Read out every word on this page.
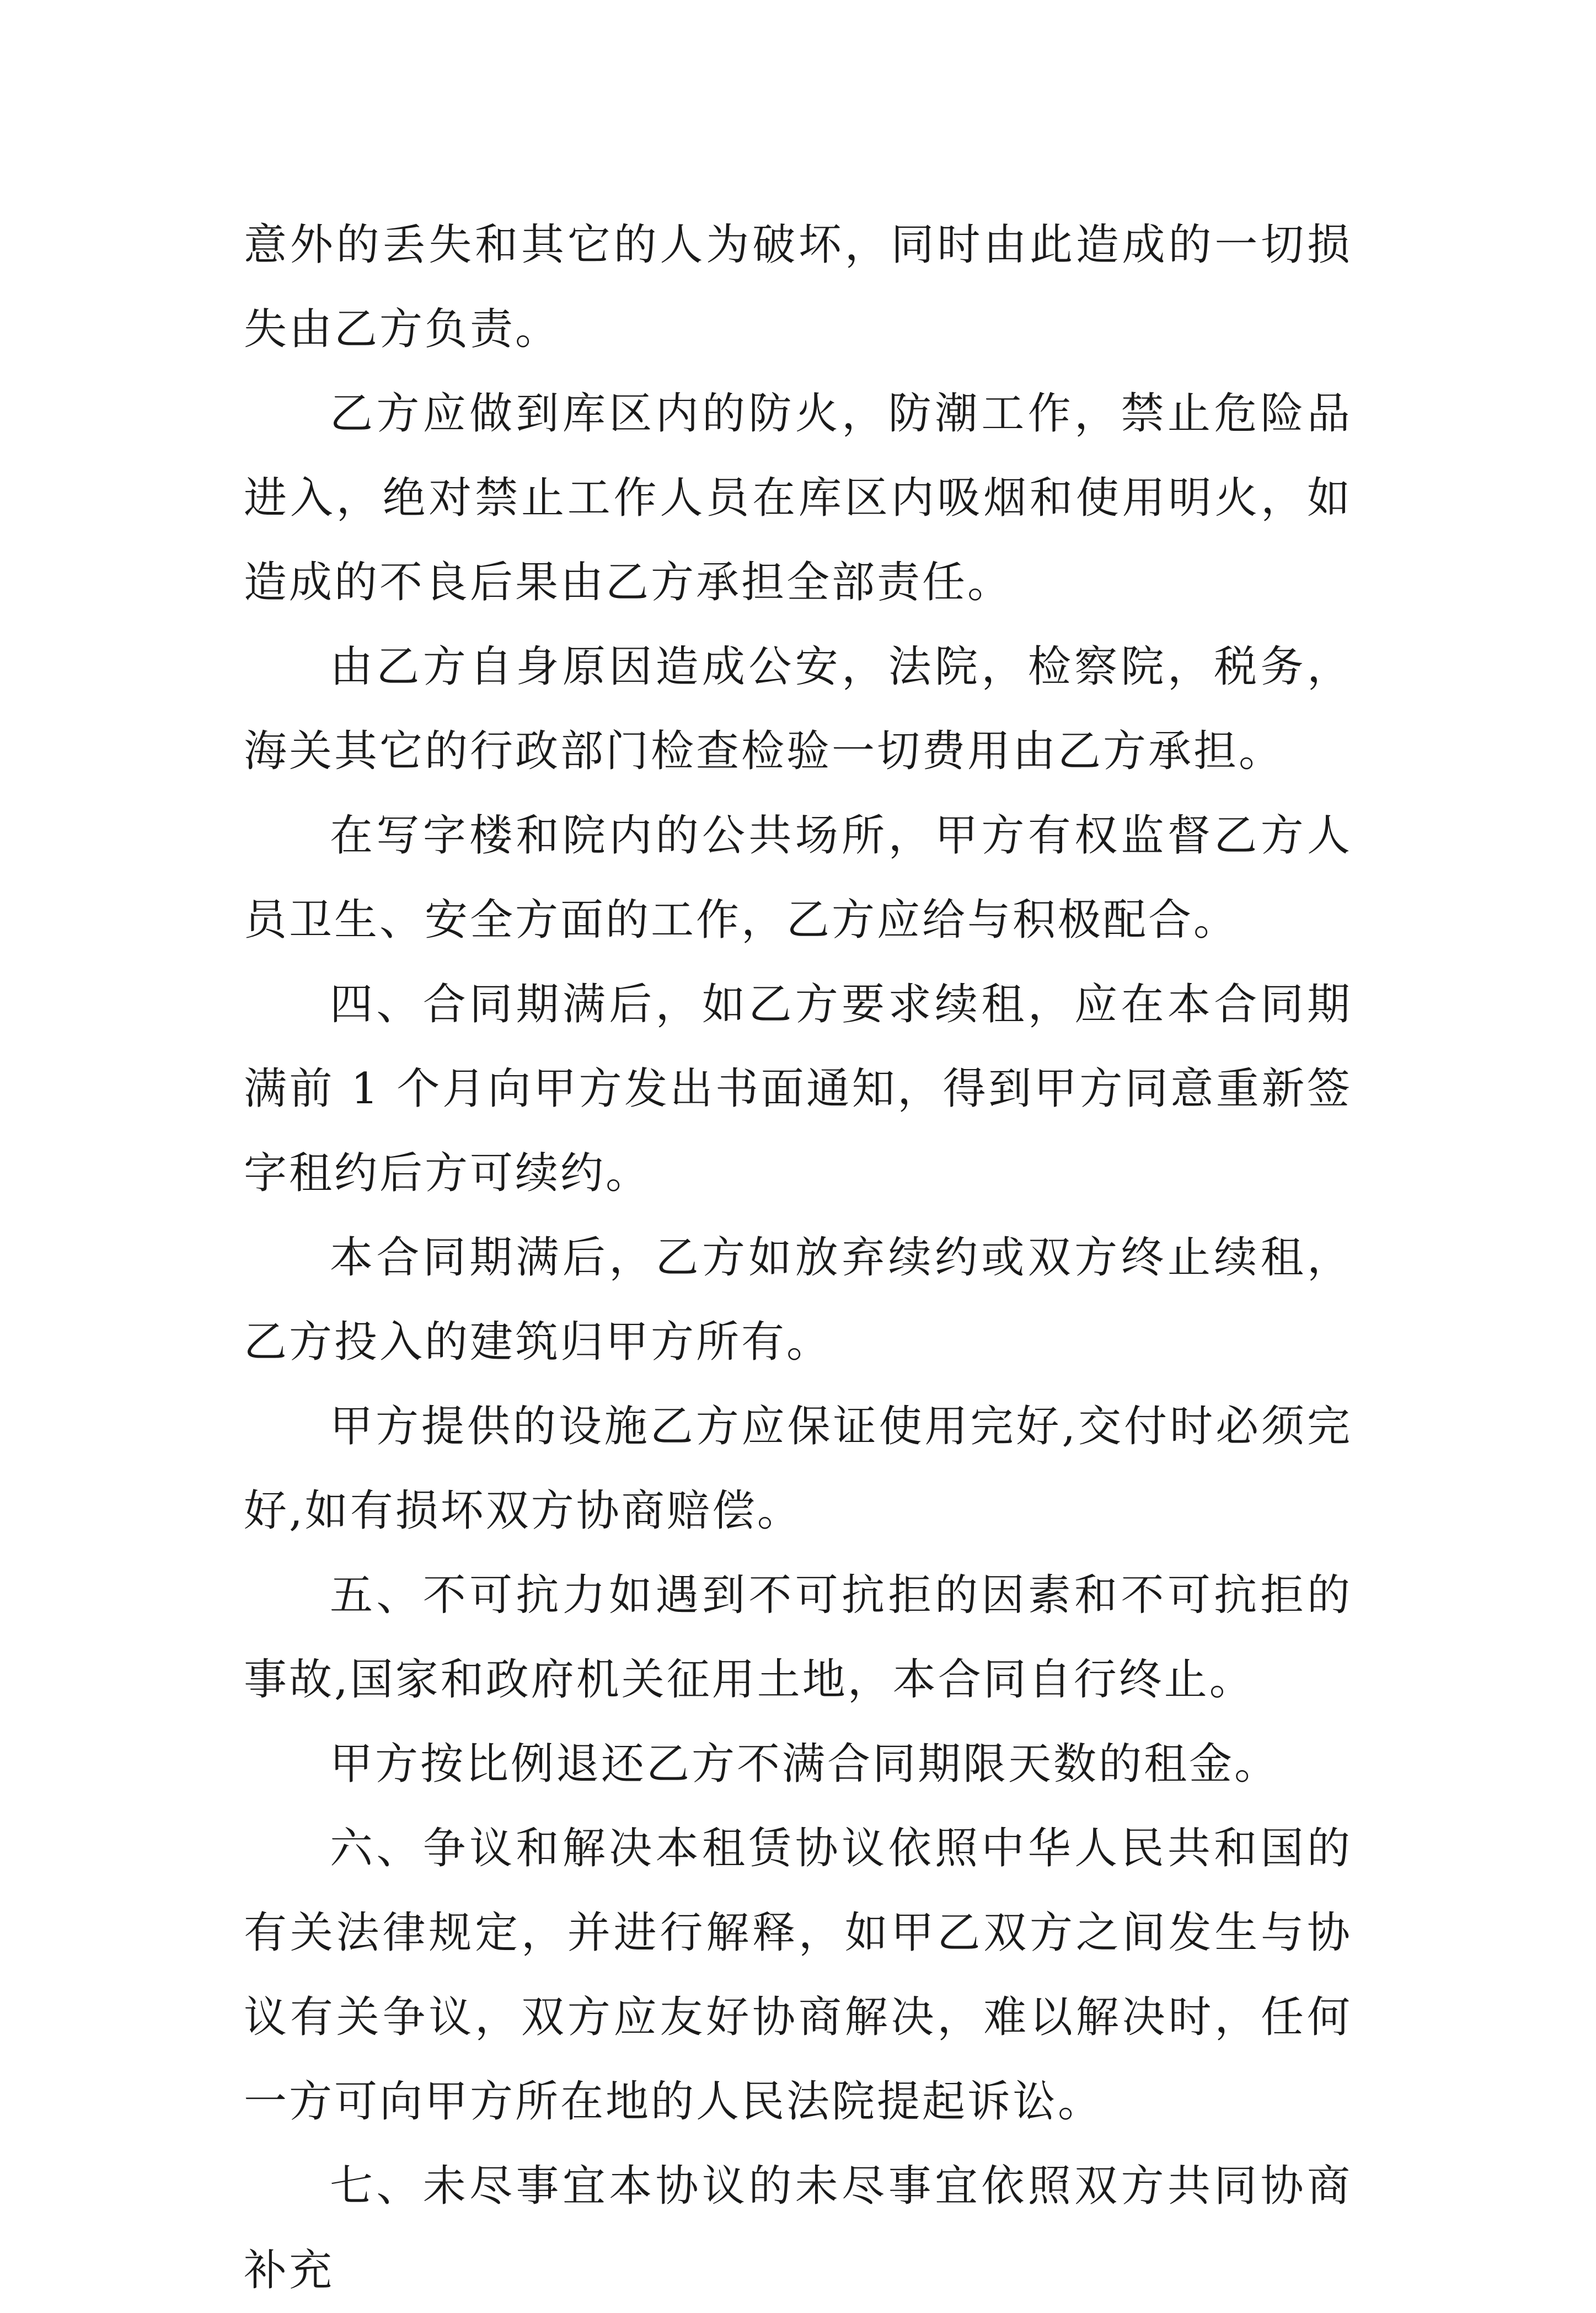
意外的丢失和其它的人为破坏，同时由此造成的一切损失由乙方负责。

乙方应做到库区内的防火，防潮工作，禁止危险品进入，绝对禁止工作人员在库区内吸烟和使用明火，如造成的不良后果由乙方承担全部责任。

由乙方自身原因造成公安，法院，检察院，税务，海关其它的行政部门检查检验一切费用由乙方承担。

在写字楼和院内的公共场所，甲方有权监督乙方人员卫生、安全方面的工作，乙方应给与积极配合。

四、合同期满后，如乙方要求续租，应在本合同期满前 1 个月向甲方发出书面通知，得到甲方同意重新签字租约后方可续约。

本合同期满后，乙方如放弃续约或双方终止续租，乙方投入的建筑归甲方所有。

甲方提供的设施乙方应保证使用完好,交付时必须完好,如有损坏双方协商赔偿。

五、不可抗力如遇到不可抗拒的因素和不可抗拒的事故,国家和政府机关征用土地，本合同自行终止。

甲方按比例退还乙方不满合同期限天数的租金。

六、争议和解决本租赁协议依照中华人民共和国的有关法律规定，并进行解释，如甲乙双方之间发生与协议有关争议，双方应友好协商解决，难以解决时，任何一方可向甲方所在地的人民法院提起诉讼。

七、未尽事宜本协议的未尽事宜依照双方共同协商补充
